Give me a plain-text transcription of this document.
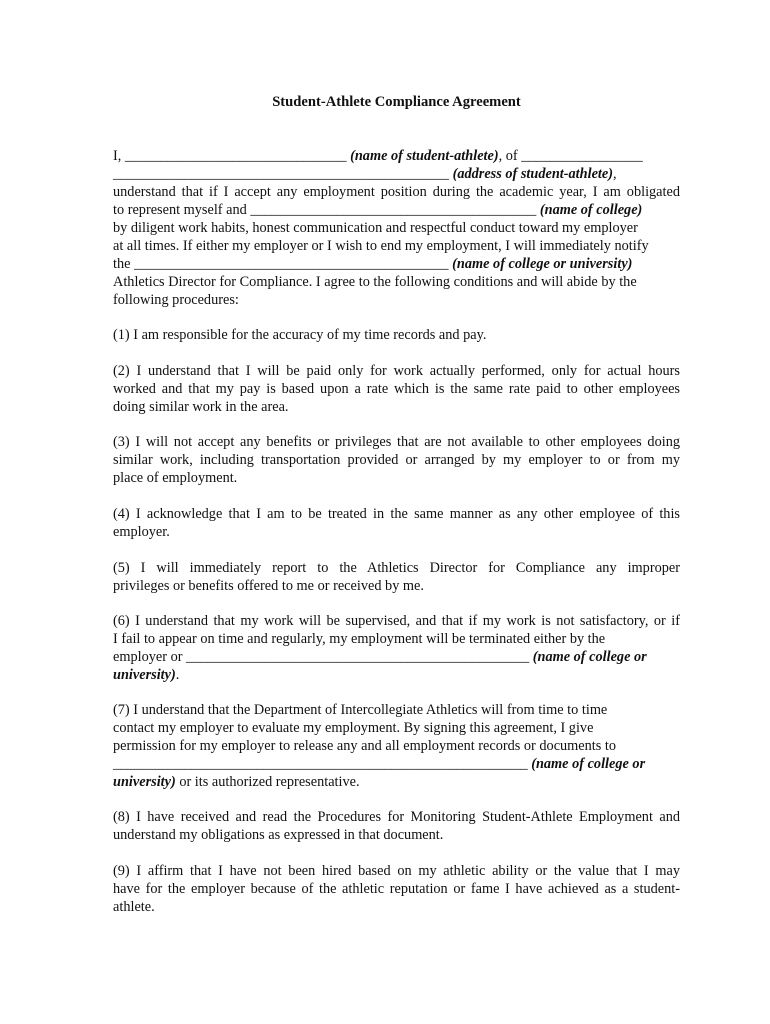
Student-Athlete Compliance Agreement
I, _______________________________ (name of student-athlete), of _________________
_______________________________________________ (address of student-athlete),
understand that if I accept any employment position during the academic year, I am obligated
to represent myself and ________________________________________ (name of college)
by diligent work habits, honest communication and respectful conduct toward my employer
at all times. If either my employer or I wish to end my employment, I will immediately notify
the ____________________________________________ (name of college or university)
Athletics Director for Compliance. I agree to the following conditions and will abide by the
following procedures:
(1) I am responsible for the accuracy of my time records and pay.
(2) I understand that I will be paid only for work actually performed, only for actual hours
worked and that my pay is based upon a rate which is the same rate paid to other employees
doing similar work in the area.
(3) I will not accept any benefits or privileges that are not available to other employees doing
similar work, including transportation provided or arranged by my employer to or from my
place of employment.
(4) I acknowledge that I am to be treated in the same manner as any other employee of this
employer.
(5) I will immediately report to the Athletics Director for Compliance any improper
privileges or benefits offered to me or received by me.
(6) I understand that my work will be supervised, and that if my work is not satisfactory, or if
I fail to appear on time and regularly, my employment will be terminated either by the
employer or ________________________________________________ (name of college or
university).
(7) I understand that the Department of Intercollegiate Athletics will from time to time
contact my employer to evaluate my employment. By signing this agreement, I give
permission for my employer to release any and all employment records or documents to
__________________________________________________________ (name of college or
university) or its authorized representative.
(8) I have received and read the Procedures for Monitoring Student-Athlete Employment and
understand my obligations as expressed in that document.
(9) I affirm that I have not been hired based on my athletic ability or the value that I may
have for the employer because of the athletic reputation or fame I have achieved as a student-
athlete.
